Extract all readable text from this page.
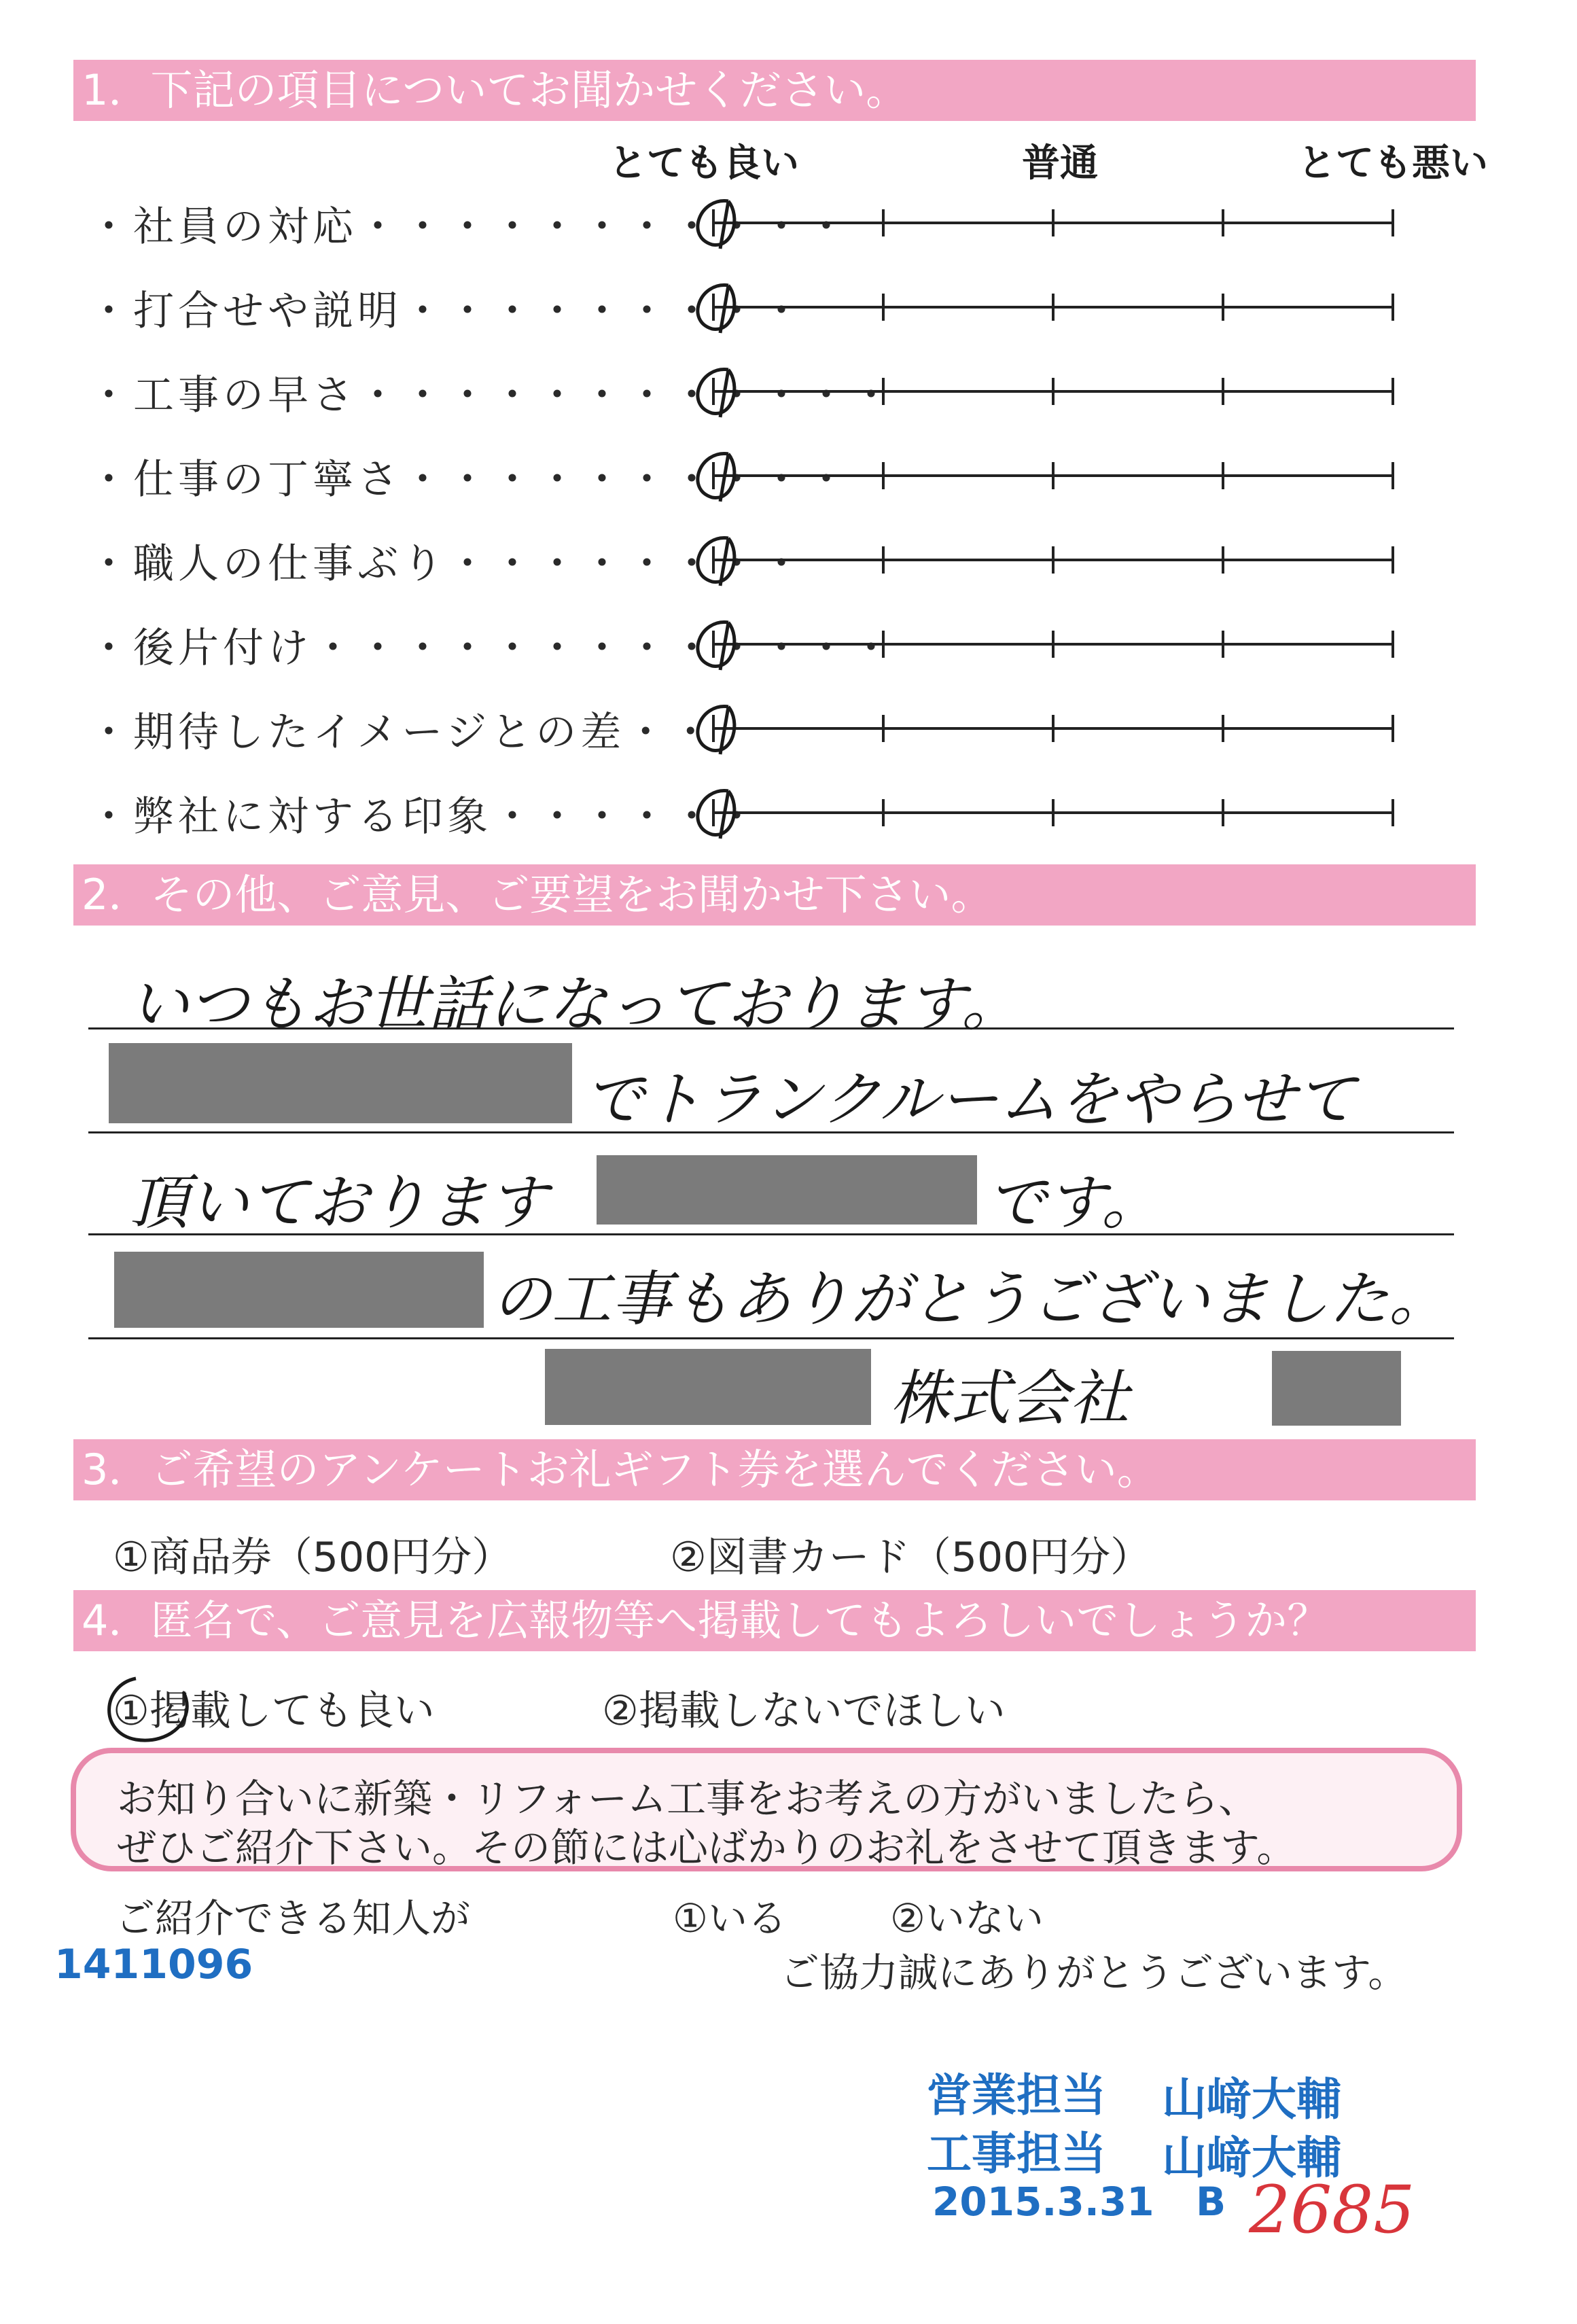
1．下記の項目についてお聞かせください。
とても良い	普通	とても悪い
・社員の対応・・・・・・・・・・・
・打合せや説明・・・・・・・・・
・工事の早さ・・・・・・・・・・・・
・仕事の丁寧さ・・・・・・・・・・
・職人の仕事ぶり・・・・・・・・
・後片付け・・・・・・・・・・・・・
・期待したイメージとの差・・
・弊社に対する印象・・・・・・
2．その他、ご意見、ご要望をお聞かせ下さい。
いつもお世話になっております。
でトランクルームをやらせて
頂いております	です。
の工事もありがとうございました。
株式会社
3．ご希望のアンケートお礼ギフト券を選んでください。
①商品券（500円分）	②図書カード（500円分）
4．匿名で、ご意見を広報物等へ掲載してもよろしいでしょうか？
①掲載しても良い	②掲載しないでほしい
お知り合いに新築・リフォーム工事をお考えの方がいましたら、
ぜひご紹介下さい。その節には心ばかりのお礼をさせて頂きます。
ご紹介できる知人が	①いる	②いない
ご協力誠にありがとうございます。
1411096
営業担当 山﨑大輔
工事担当 山﨑大輔
2015.3.31 B 2685
